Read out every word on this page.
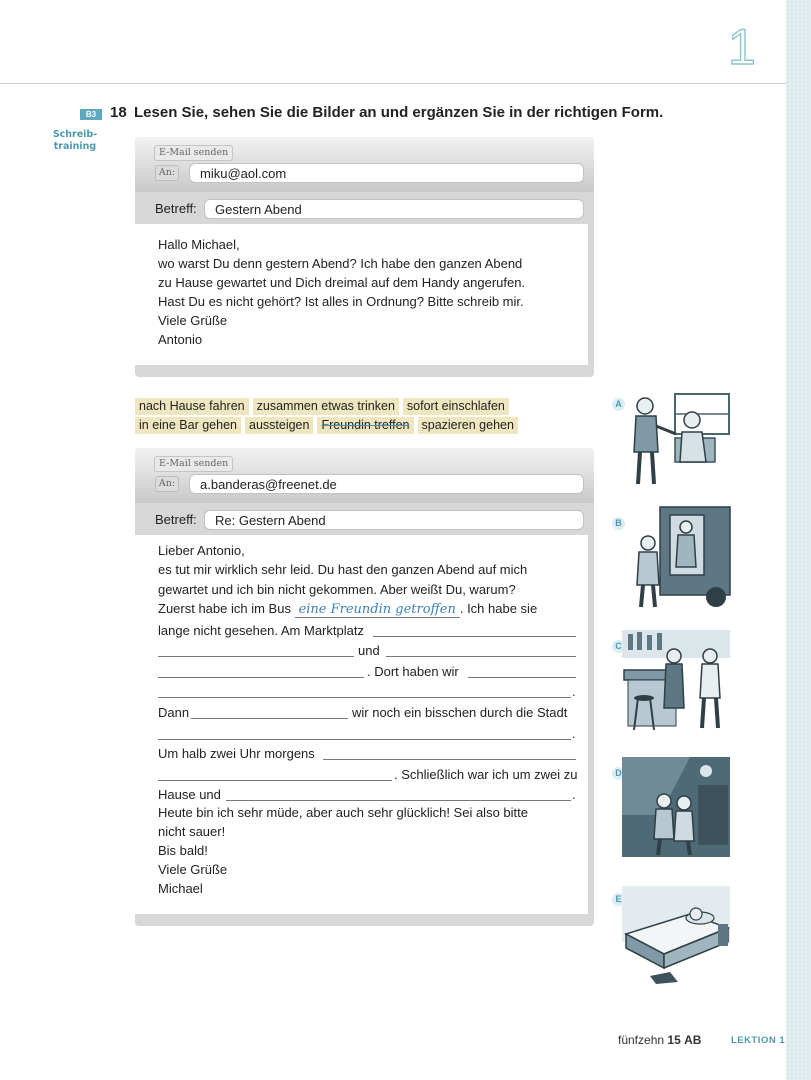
1
B3 18 Lesen Sie, sehen Sie die Bilder an und ergänzen Sie in der richtigen Form.
Schreib-
training
E-Mail senden
An:	miku@aol.com
Betreff:	Gestern Abend
Hallo Michael,
wo warst Du denn gestern Abend? Ich habe den ganzen Abend
zu Hause gewartet und Dich dreimal auf dem Handy angerufen.
Hast Du es nicht gehört? Ist alles in Ordnung? Bitte schreib mir.
Viele Grüße
Antonio
nach Hause fahren zusammen etwas trinken sofort einschlafen
in eine Bar gehen aussteigen Freundin treffen spazieren gehen
E-Mail senden
An:	a.banderas@freenet.de
Betreff:	Re: Gestern Abend
Lieber Antonio,
es tut mir wirklich sehr leid. Du hast den ganzen Abend auf mich
gewartet und ich bin nicht gekommen. Aber weißt Du, warum?
Zuerst habe ich im Bus eine Freundin getroffen . Ich habe sie
lange nicht gesehen. Am Marktplatz
und
. Dort haben wir
.
Dann	wir noch ein bisschen durch die Stadt
.
Um halb zwei Uhr morgens
. Schließlich war ich um zwei zu
Hause und	.
Heute bin ich sehr müde, aber auch sehr glücklich! Sei also bitte
nicht sauer!
Bis bald!
Viele Grüße
Michael
A
B
C
D
E
fünfzehn 15 AB	LEKTION 1
